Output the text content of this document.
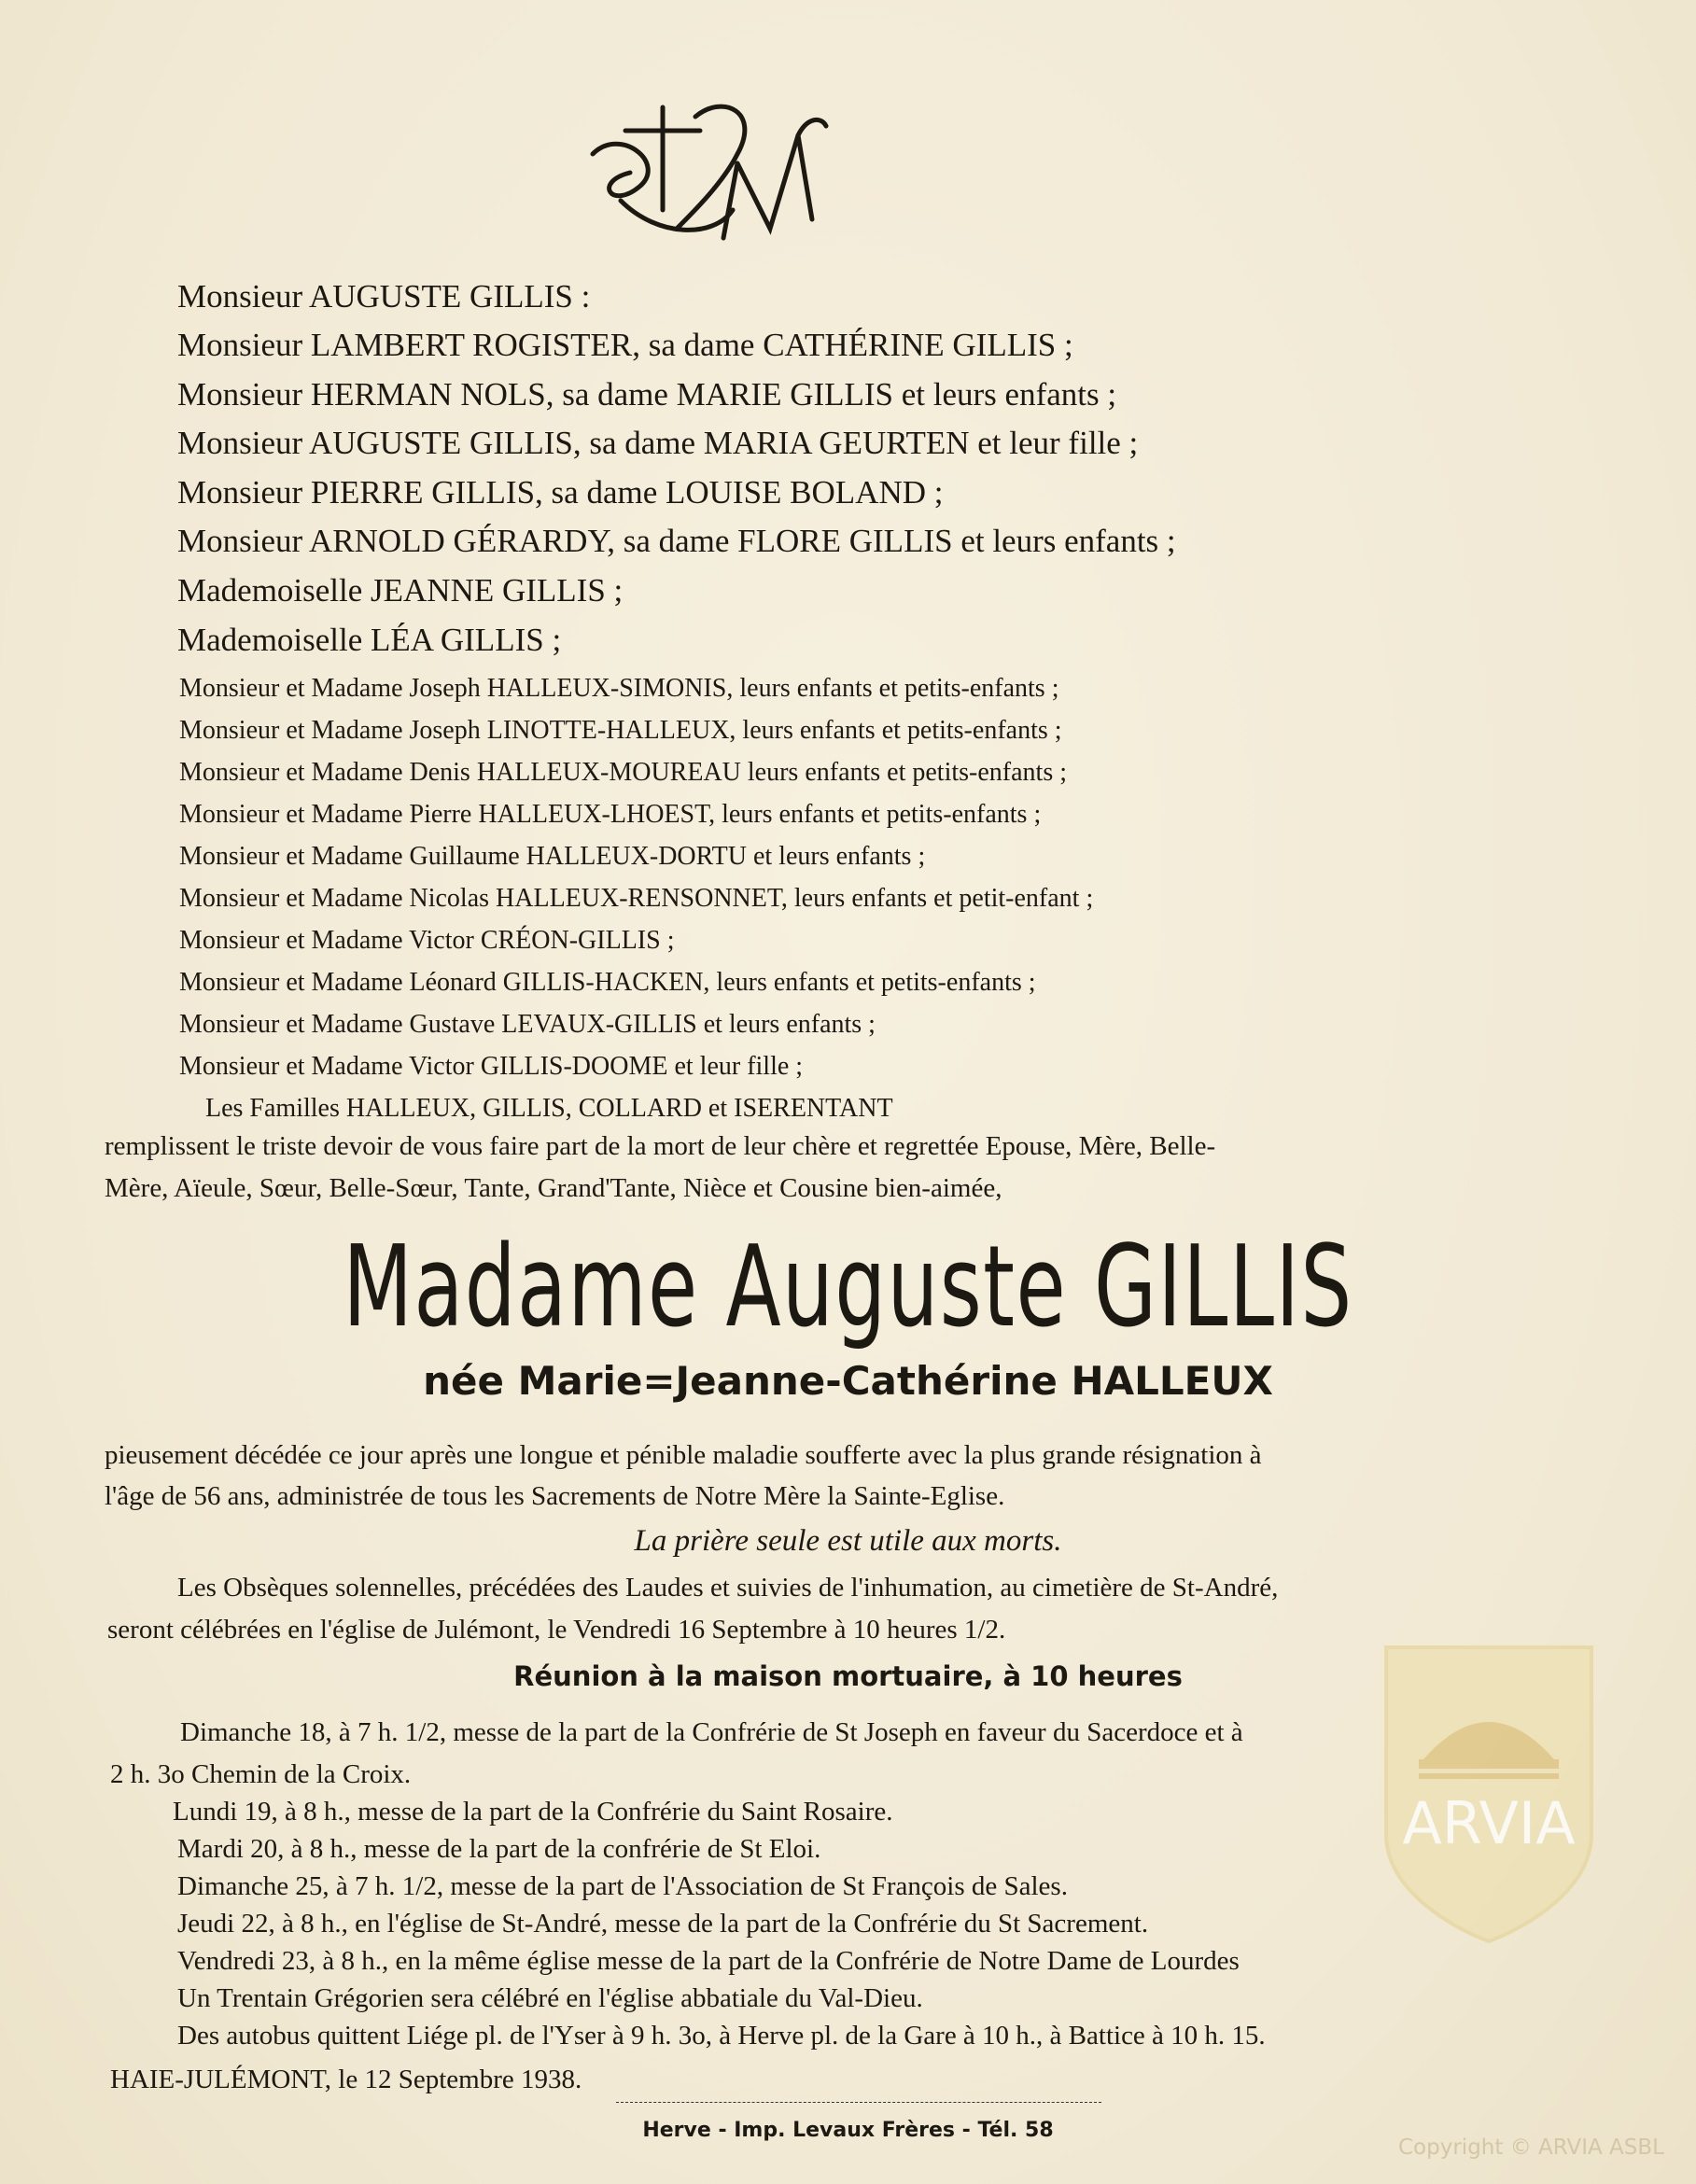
Monsieur AUGUSTE GILLIS :
Monsieur LAMBERT ROGISTER, sa dame CATHÉRINE GILLIS ;
Monsieur HERMAN NOLS, sa dame MARIE GILLIS et leurs enfants ;
Monsieur AUGUSTE GILLIS, sa dame MARIA GEURTEN et leur fille ;
Monsieur PIERRE GILLIS, sa dame LOUISE BOLAND ;
Monsieur ARNOLD GÉRARDY, sa dame FLORE GILLIS et leurs enfants ;
Mademoiselle JEANNE GILLIS ;
Mademoiselle LÉA GILLIS ;
Monsieur et Madame Joseph HALLEUX-SIMONIS, leurs enfants et petits-enfants ;
Monsieur et Madame Joseph LINOTTE-HALLEUX, leurs enfants et petits-enfants ;
Monsieur et Madame Denis HALLEUX-MOUREAU leurs enfants et petits-enfants ;
Monsieur et Madame Pierre HALLEUX-LHOEST, leurs enfants et petits-enfants ;
Monsieur et Madame Guillaume HALLEUX-DORTU et leurs enfants ;
Monsieur et Madame Nicolas HALLEUX-RENSONNET, leurs enfants et petit-enfant ;
Monsieur et Madame Victor CRÉON-GILLIS ;
Monsieur et Madame Léonard GILLIS-HACKEN, leurs enfants et petits-enfants ;
Monsieur et Madame Gustave LEVAUX-GILLIS et leurs enfants ;
Monsieur et Madame Victor GILLIS-DOOME et leur fille ;
Les Familles HALLEUX, GILLIS, COLLARD et ISERENTANT
remplissent le triste devoir de vous faire part de la mort de leur chère et regrettée Epouse, Mère, Belle-
Mère, Aïeule, Sœur, Belle-Sœur, Tante, Grand'Tante, Nièce et Cousine bien-aimée,
Madame Auguste GILLIS
née Marie=Jeanne-Cathérine HALLEUX
pieusement décédée ce jour après une longue et pénible maladie soufferte avec la plus grande résignation à
l'âge de 56 ans, administrée de tous les Sacrements de Notre Mère la Sainte-Eglise.
La prière seule est utile aux morts.
Les Obsèques solennelles, précédées des Laudes et suivies de l'inhumation, au cimetière de St-André,
seront célébrées en l'église de Julémont, le Vendredi 16 Septembre à 10 heures 1/2.
Réunion à la maison mortuaire, à 10 heures
Dimanche 18, à 7 h. 1/2, messe de la part de la Confrérie de St Joseph en faveur du Sacerdoce et à
2 h. 3o Chemin de la Croix.
Lundi 19, à 8 h., messe de la part de la Confrérie du Saint Rosaire.
Mardi 20, à 8 h., messe de la part de la confrérie de St Eloi.
Dimanche 25, à 7 h. 1/2, messe de la part de l'Association de St François de Sales.
Jeudi 22, à 8 h., en l'église de St-André, messe de la part de la Confrérie du St Sacrement.
Vendredi 23, à 8 h., en la même église messe de la part de la Confrérie de Notre Dame de Lourdes
Un Trentain Grégorien sera célébré en l'église abbatiale du Val-Dieu.
Des autobus quittent Liége pl. de l'Yser à 9 h. 3o, à Herve pl. de la Gare à 10 h., à Battice à 10 h. 15.
HAIE-JULÉMONT, le 12 Septembre 1938.
Herve - Imp. Levaux Frères - Tél. 58
ARVIA
Copyright © ARVIA ASBL
